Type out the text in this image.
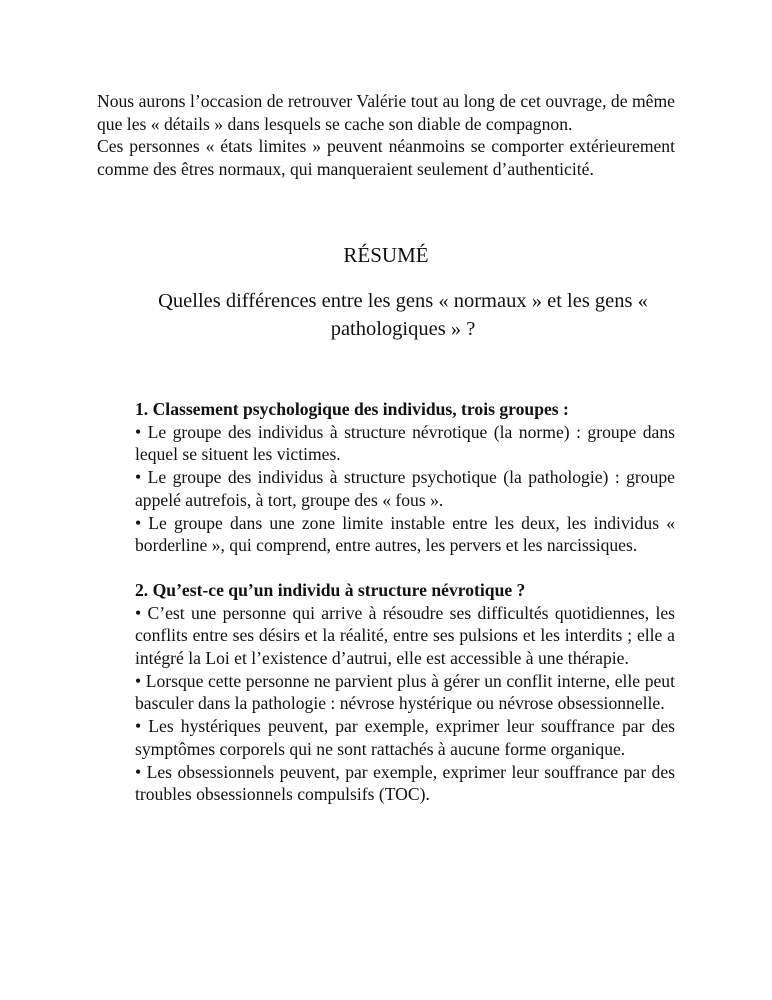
Nous aurons l’occasion de retrouver Valérie tout au long de cet ouvrage, de même que les « détails » dans lesquels se cache son diable de compagnon.

Ces personnes « états limites » peuvent néanmoins se comporter extérieurement comme des êtres normaux, qui manqueraient seulement d’authenticité.

RÉSUMÉ
Quelles différences entre les gens « normaux » et les gens « pathologiques » ?

1. Classement psychologique des individus, trois groupes :

• Le groupe des individus à structure névrotique (la norme) : groupe dans lequel se situent les victimes.
• Le groupe des individus à structure psychotique (la pathologie) : groupe appelé autrefois, à tort, groupe des « fous ».
• Le groupe dans une zone limite instable entre les deux, les individus « borderline », qui comprend, entre autres, les pervers et les narcissiques.

2. Qu’est-ce qu’un individu à structure névrotique ?

• C’est une personne qui arrive à résoudre ses difficultés quotidiennes, les conflits entre ses désirs et la réalité, entre ses pulsions et les interdits ; elle a intégré la Loi et l’existence d’autrui, elle est accessible à une thérapie.
• Lorsque cette personne ne parvient plus à gérer un conflit interne, elle peut basculer dans la pathologie : névrose hystérique ou névrose obsessionnelle.
• Les hystériques peuvent, par exemple, exprimer leur souffrance par des symptômes corporels qui ne sont rattachés à aucune forme organique.
• Les obsessionnels peuvent, par exemple, exprimer leur souffrance par des troubles obsessionnels compulsifs (TOC).
